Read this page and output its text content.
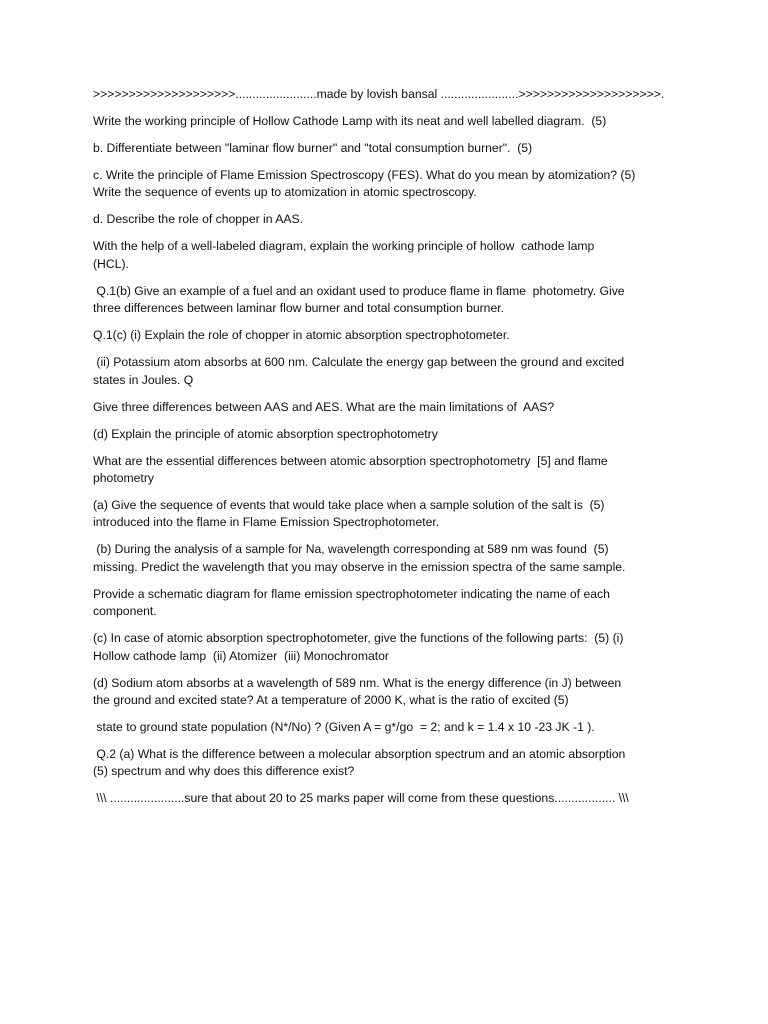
>>>>>>>>>>>>>>>>>>>>........................made by lovish bansal .......................>>>>>>>>>>>>>>>>>>>>.
Write the working principle of Hollow Cathode Lamp with its neat and well labelled diagram.  (5)
b. Differentiate between "laminar flow burner" and "total consumption burner".  (5)
c. Write the principle of Flame Emission Spectroscopy (FES). What do you mean by atomization? (5)
Write the sequence of events up to atomization in atomic spectroscopy.
d. Describe the role of chopper in AAS.
With the help of a well-labeled diagram, explain the working principle of hollow  cathode lamp
(HCL).
Q.1(b) Give an example of a fuel and an oxidant used to produce flame in flame  photometry. Give
three differences between laminar flow burner and total consumption burner.
Q.1(c) (i) Explain the role of chopper in atomic absorption spectrophotometer.
(ii) Potassium atom absorbs at 600 nm. Calculate the energy gap between the ground and excited
states in Joules. Q
Give three differences between AAS and AES. What are the main limitations of  AAS?
(d) Explain the principle of atomic absorption spectrophotometry
What are the essential differences between atomic absorption spectrophotometry  [5] and flame
photometry
(a) Give the sequence of events that would take place when a sample solution of the salt is  (5)
introduced into the flame in Flame Emission Spectrophotometer.
(b) During the analysis of a sample for Na, wavelength corresponding at 589 nm was found  (5)
missing. Predict the wavelength that you may observe in the emission spectra of the same sample.
Provide a schematic diagram for flame emission spectrophotometer indicating the name of each
component.
(c) In case of atomic absorption spectrophotometer, give the functions of the following parts:  (5) (i)
Hollow cathode lamp  (ii) Atomizer  (iii) Monochromator
(d) Sodium atom absorbs at a wavelength of 589 nm. What is the energy difference (in J) between
the ground and excited state? At a temperature of 2000 K, what is the ratio of excited (5)
state to ground state population (N*/No) ? (Given A = g*/go  = 2; and k = 1.4 x 10 -23 JK -1 ).
Q.2 (a) What is the difference between a molecular absorption spectrum and an atomic absorption
(5) spectrum and why does this difference exist?
\\\ ......................sure that about 20 to 25 marks paper will come from these questions.................. \\\
